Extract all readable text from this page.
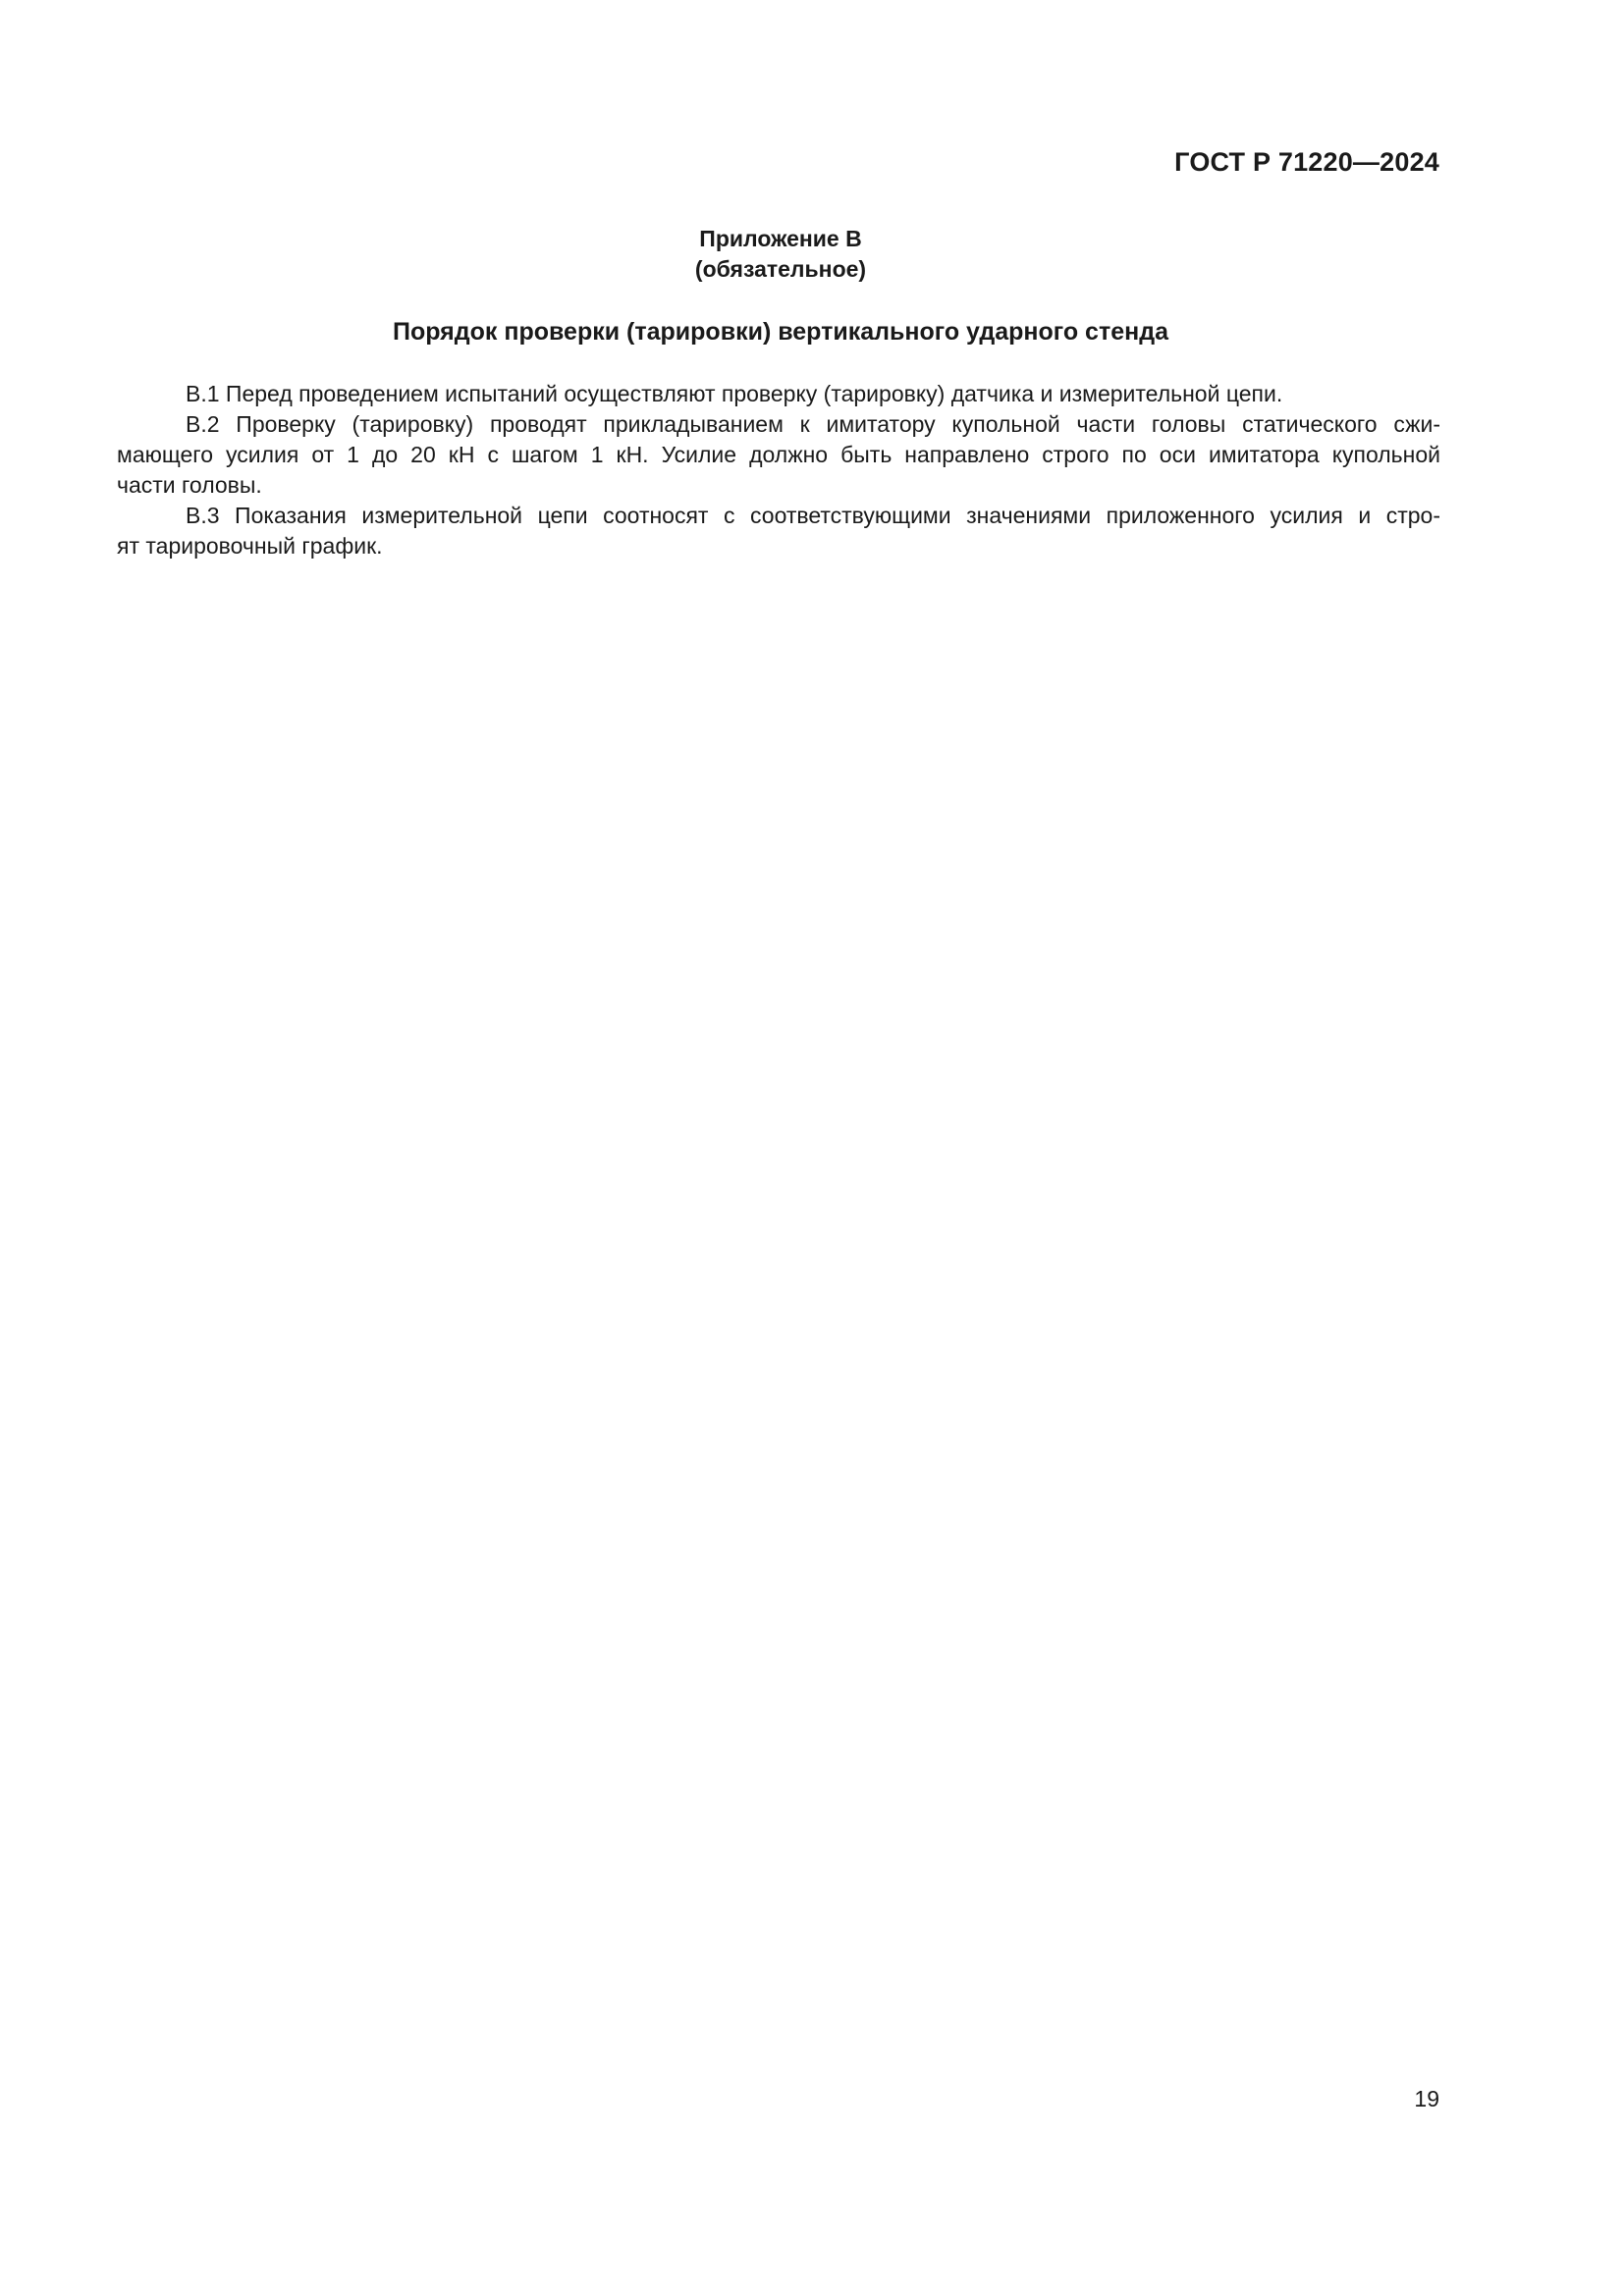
ГОСТ Р 71220—2024
Приложение В
(обязательное)
Порядок проверки (тарировки) вертикального ударного стенда

В.1 Перед проведением испытаний осуществляют проверку (тарировку) датчика и измерительной цепи.

В.2 Проверку (тарировку) проводят прикладыванием к имитатору купольной части головы статического сжи-
мающего усилия от 1 до 20 кН с шагом 1 кН. Усилие должно быть направлено строго по оси имитатора купольной
части головы.

В.3 Показания измерительной цепи соотносят с соответствующими значениями приложенного усилия и стро-
ят тарировочный график.

19
